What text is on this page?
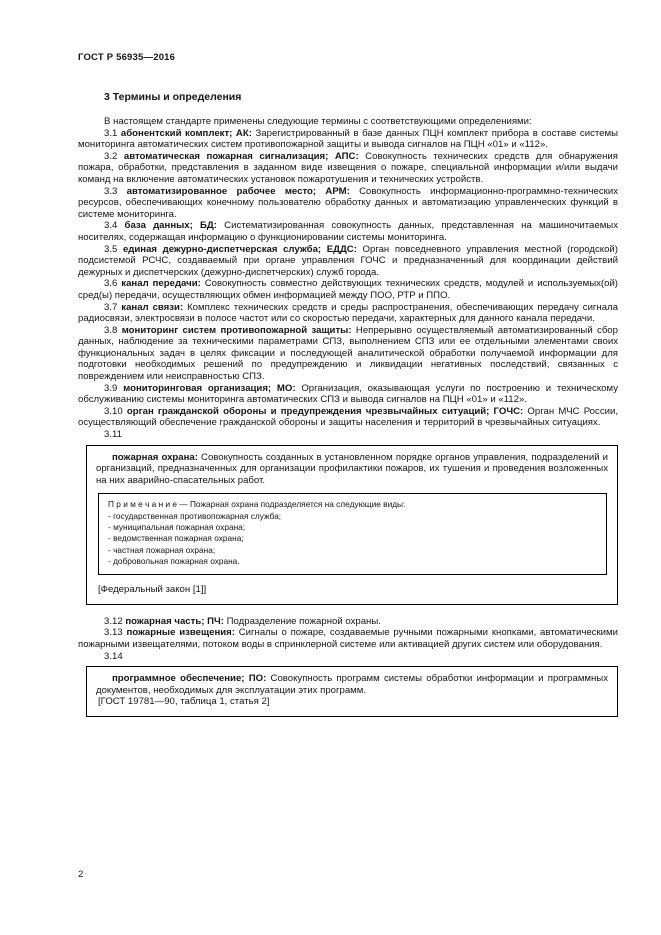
ГОСТ Р 56935—2016
3 Термины и определения

В настоящем стандарте применены следующие термины с соответствующими определениями:

3.1 абонентский комплект; АК: Зарегистрированный в базе данных ПЦН комплект прибора в составе системы мониторинга автоматических систем противопожарной защиты и вывода сигналов на ПЦН «01» и «112».

3.2 автоматическая пожарная сигнализация; АПС: Совокупность технических средств для обнаружения пожара, обработки, представления в заданном виде извещения о пожаре, специальной информации и/или выдачи команд на включение автоматических установок пожаротушения и технических устройств.

3.3 автоматизированное рабочее место; АРМ: Совокупность информационно-программно-технических ресурсов, обеспечивающих конечному пользователю обработку данных и автоматизацию управленческих функций в системе мониторинга.

3.4 база данных; БД: Систематизированная совокупность данных, представленная на машиночитаемых носителях, содержащая информацию о функционировании системы мониторинга.

3.5 единая дежурно-диспетчерская служба; ЕДДС: Орган повседневного управления местной (городской) подсистемой РСЧС, создаваемый при органе управления ГОЧС и предназначенный для координации действий дежурных и диспетчерских (дежурно-диспетчерских) служб города.

3.6 канал передачи: Совокупность совместно действующих технических средств, модулей и используемых(ой) сред(ы) передачи, осуществляющих обмен информацией между ПОО, РТР и ППО.

3.7 канал связи: Комплекс технических средств и среды распространения, обеспечивающих передачу сигнала радиосвязи, электросвязи в полосе частот или со скоростью передачи, характерных для данного канала передачи.

3.8 мониторинг систем противопожарной защиты: Непрерывно осуществляемый автоматизированный сбор данных, наблюдение за техническими параметрами СПЗ, выполнением СПЗ или ее отдельными элементами своих функциональных задач в целях фиксации и последующей аналитической обработки получаемой информации для подготовки необходимых решений по предупреждению и ликвидации негативных последствий, связанных с повреждением или неисправностью СПЗ.

3.9 мониторинговая организация; МО: Организация, оказывающая услуги по построению и техническому обслуживанию системы мониторинга автоматических СПЗ и вывода сигналов на ПЦН «01» и «112».

3.10 орган гражданской обороны и предупреждения чрезвычайных ситуаций; ГОЧС: Орган МЧС России, осуществляющий обеспечение гражданской обороны и защиты населения и территорий в чрезвычайных ситуациях.

3.11

пожарная охрана: Совокупность созданных в установленном порядке органов управления, подразделений и организаций, предназначенных для организации профилактики пожаров, их тушения и проведения возложенных на них аварийно-спасательных работ.

П р и м е ч а н и е — Пожарная охрана подразделяется на следующие виды:

- государственная противопожарная служба;

- муниципальная пожарная охрана;

- ведомственная пожарная охрана;

- частная пожарная охрана;

- добровольная пожарная охрана.

[Федеральный закон [1]]

3.12 пожарная часть; ПЧ: Подразделение пожарной охраны.

3.13 пожарные извещения: Сигналы о пожаре, создаваемые ручными пожарными кнопками, автоматическими пожарными извещателями, потоком воды в спринклерной системе или активацией других систем или оборудования.

3.14

программное обеспечение; ПО: Совокупность программ системы обработки информации и программных документов, необходимых для эксплуатации этих программ.

[ГОСТ 19781—90, таблица 1, статья 2]

2
